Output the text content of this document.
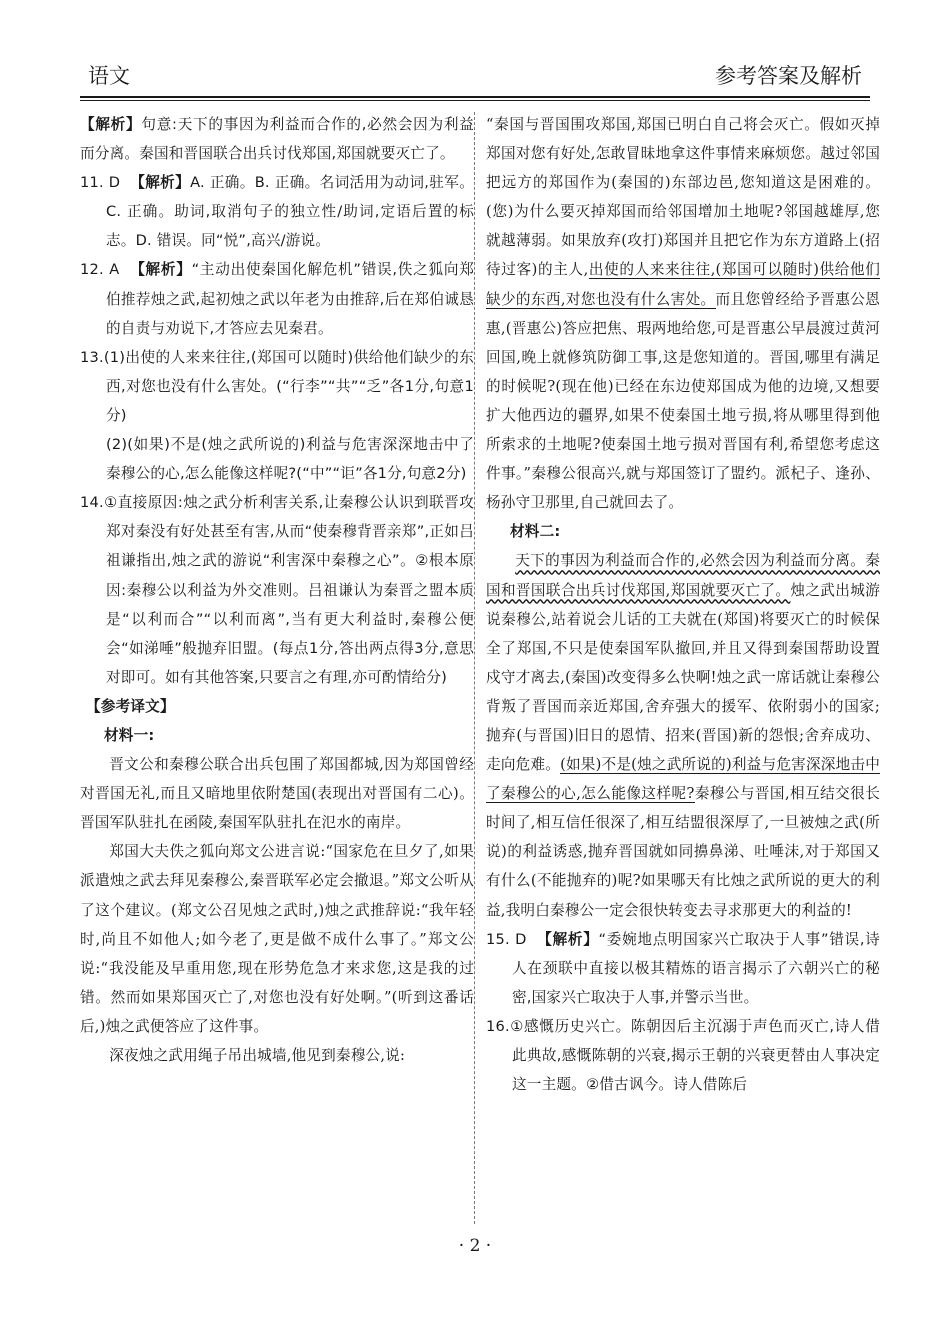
语文	参考答案及解析

【解析】句意:天下的事因为利益而合作的,必然会因为利益而分离。秦国和晋国联合出兵讨伐郑国,郑国就要灭亡了。

11. D 【解析】A. 正确。B. 正确。名词活用为动词,驻军。C. 正确。助词,取消句子的独立性/助词,定语后置的标志。D. 错误。同“悦”,高兴/游说。

12. A 【解析】“主动出使秦国化解危机”错误,佚之狐向郑伯推荐烛之武,起初烛之武以年老为由推辞,后在郑伯诚恳的自责与劝说下,才答应去见秦君。

13.(1)出使的人来来往往,(郑国可以随时)供给他们缺少的东西,对您也没有什么害处。(“行李”“共”“乏”各1分,句意1分)

(2)(如果)不是(烛之武所说的)利益与危害深深地击中了秦穆公的心,怎么能像这样呢?(“中”“讵”各1分,句意2分)

14.①直接原因:烛之武分析利害关系,让秦穆公认识到联晋攻郑对秦没有好处甚至有害,从而“使秦穆背晋亲郑”,正如吕祖谦指出,烛之武的游说“利害深中秦穆之心”。②根本原因:秦穆公以利益为外交准则。吕祖谦认为秦晋之盟本质是“以利而合”“以利而离”,当有更大利益时,秦穆公便会“如涕唾”般抛弃旧盟。(每点1分,答出两点得3分,意思对即可。如有其他答案,只要言之有理,亦可酌情给分)

【参考译文】

材料一:

晋文公和秦穆公联合出兵包围了郑国都城,因为郑国曾经对晋国无礼,而且又暗地里依附楚国(表现出对晋国有二心)。晋国军队驻扎在函陵,秦国军队驻扎在氾水的南岸。

郑国大夫佚之狐向郑文公进言说:“国家危在旦夕了,如果派遣烛之武去拜见秦穆公,秦晋联军必定会撤退。”郑文公听从了这个建议。(郑文公召见烛之武时,)烛之武推辞说:“我年轻时,尚且不如他人;如今老了,更是做不成什么事了。”郑文公说:“我没能及早重用您,现在形势危急才来求您,这是我的过错。然而如果郑国灭亡了,对您也没有好处啊。”(听到这番话后,)烛之武便答应了这件事。

深夜烛之武用绳子吊出城墙,他见到秦穆公,说:

“秦国与晋国围攻郑国,郑国已明白自己将会灭亡。假如灭掉郑国对您有好处,怎敢冒昧地拿这件事情来麻烦您。越过邻国把远方的郑国作为(秦国的)东部边邑,您知道这是困难的。(您)为什么要灭掉郑国而给邻国增加土地呢?邻国越雄厚,您就越薄弱。如果放弃(攻打)郑国并且把它作为东方道路上(招待过客)的主人,出使的人来来往往,(郑国可以随时)供给他们缺少的东西,对您也没有什么害处。而且您曾经给予晋惠公恩惠,(晋惠公)答应把焦、瑕两地给您,可是晋惠公早晨渡过黄河回国,晚上就修筑防御工事,这是您知道的。晋国,哪里有满足的时候呢?(现在他)已经在东边使郑国成为他的边境,又想要扩大他西边的疆界,如果不使秦国土地亏损,将从哪里得到他所索求的土地呢?使秦国土地亏损对晋国有利,希望您考虑这件事。”秦穆公很高兴,就与郑国签订了盟约。派杞子、逢孙、杨孙守卫那里,自己就回去了。

材料二:

天下的事因为利益而合作的,必然会因为利益而分离。秦国和晋国联合出兵讨伐郑国,郑国就要灭亡了。烛之武出城游说秦穆公,站着说会儿话的工夫就在(郑国)将要灭亡的时候保全了郑国,不只是使秦国军队撤回,并且又得到秦国帮助设置戍守才离去,(秦国)改变得多么快啊!烛之武一席话就让秦穆公背叛了晋国而亲近郑国,舍弃强大的援军、依附弱小的国家;抛弃(与晋国)旧日的恩情、招来(晋国)新的怨恨;舍弃成功、走向危难。(如果)不是(烛之武所说的)利益与危害深深地击中了秦穆公的心,怎么能像这样呢?秦穆公与晋国,相互结交很长时间了,相互信任很深了,相互结盟很深厚了,一旦被烛之武(所说)的利益诱惑,抛弃晋国就如同擤鼻涕、吐唾沫,对于郑国又有什么(不能抛弃的)呢?如果哪天有比烛之武所说的更大的利益,我明白秦穆公一定会很快转变去寻求那更大的利益的!

15. D 【解析】“委婉地点明国家兴亡取决于人事”错误,诗人在颈联中直接以极其精炼的语言揭示了六朝兴亡的秘密,国家兴亡取决于人事,并警示当世。

16.①感慨历史兴亡。陈朝因后主沉溺于声色而灭亡,诗人借此典故,感慨陈朝的兴衰,揭示王朝的兴衰更替由人事决定这一主题。②借古讽今。诗人借陈后

· 2 ·
